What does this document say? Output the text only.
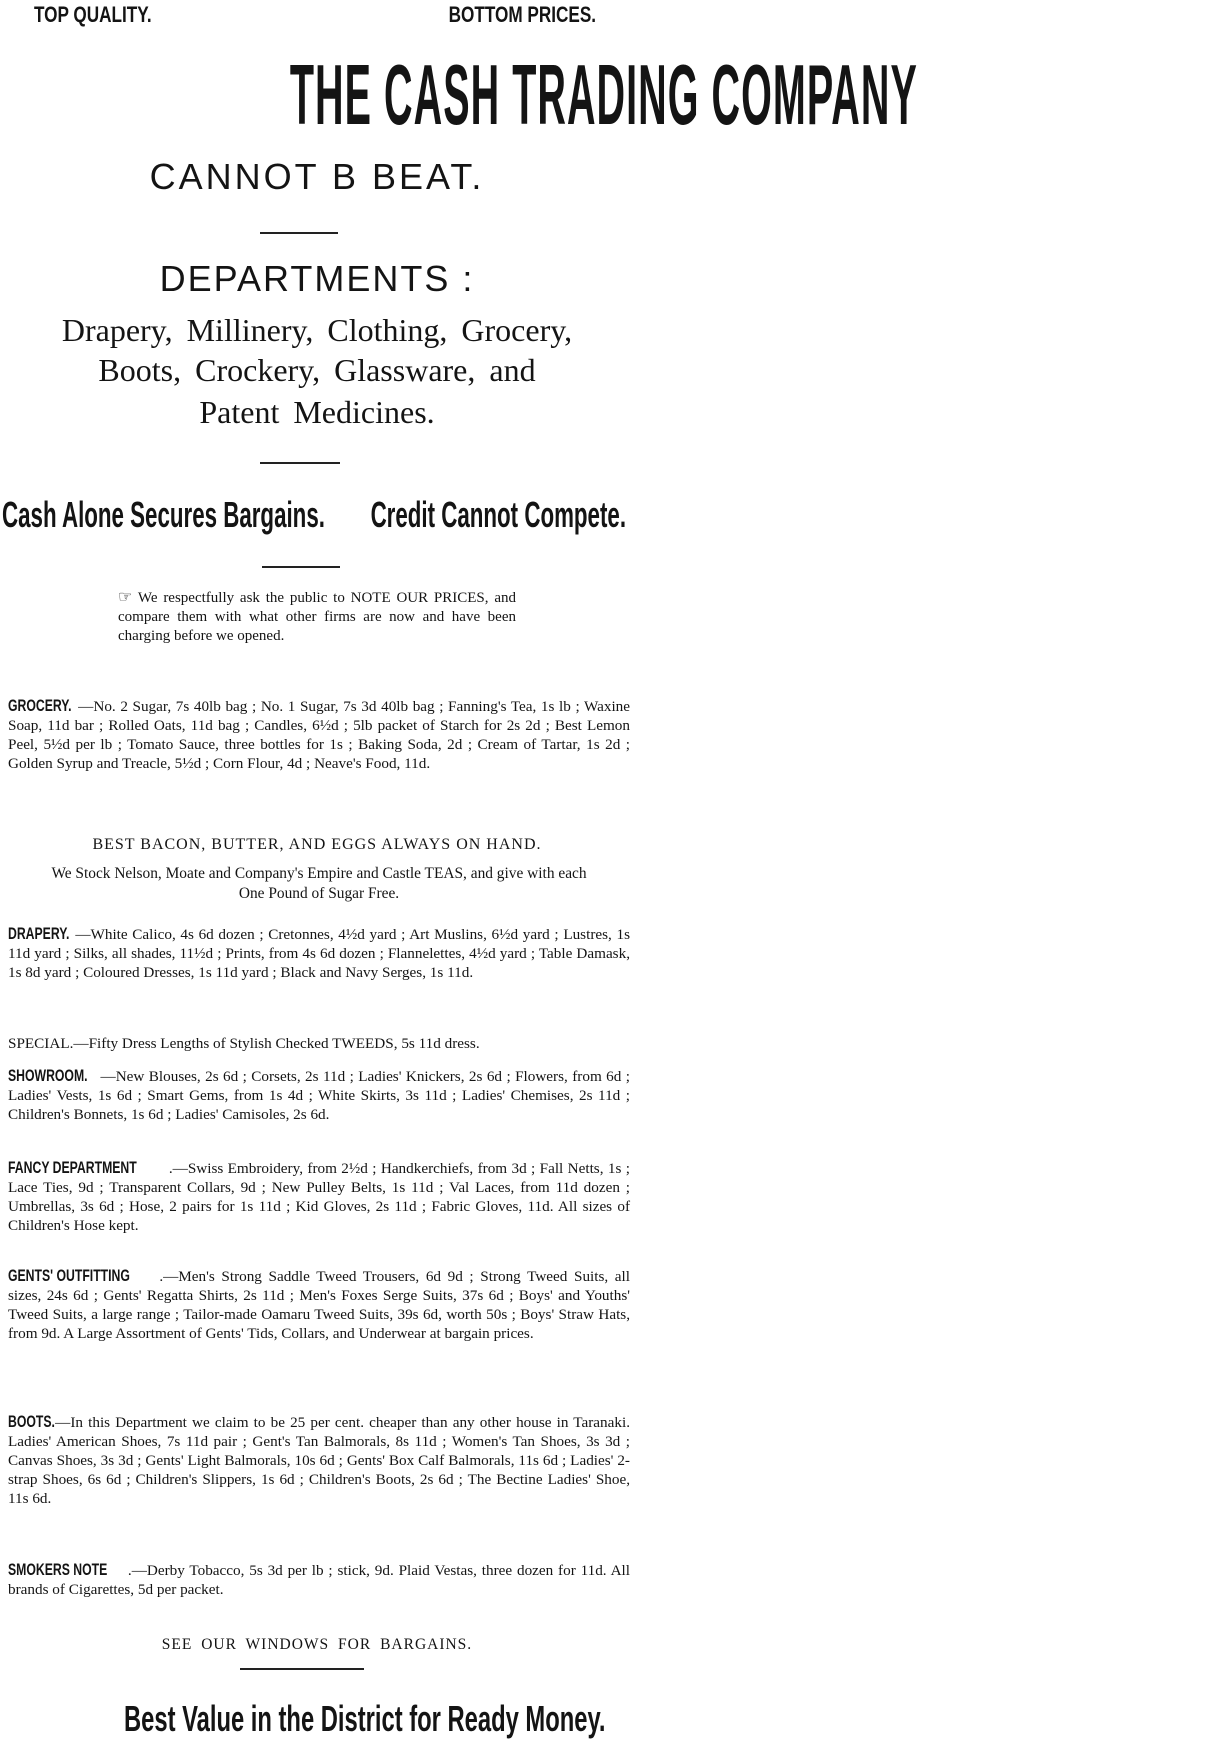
TOP QUALITY.	BOTTOM PRICES.
THE CASH TRADING COMPANY
CANNOT B BEAT.
DEPARTMENTS :
Drapery, Millinery, Clothing, Grocery,
Boots, Crockery, Glassware, and
Patent Medicines.
Cash Alone Secures Bargains. Credit Cannot Compete.
☞ We respectfully ask the public to NOTE OUR PRICES, and compare them with what other firms are now and have been charging before we opened.
GROCERY. —No. 2 Sugar, 7s 40lb bag ; No. 1 Sugar, 7s 3d 40lb bag ; Fanning's Tea, 1s lb ; Waxine Soap, 11d bar ; Rolled Oats, 11d bag ; Candles, 6½d ; 5lb packet of Starch for 2s 2d ; Best Lemon Peel, 5½d per lb ; Tomato Sauce, three bottles for 1s ; Baking Soda, 2d ; Cream of Tartar, 1s 2d ; Golden Syrup and Treacle, 5½d ; Corn Flour, 4d ; Neave's Food, 11d.
BEST BACON, BUTTER, AND EGGS ALWAYS ON HAND.
We Stock Nelson, Moate and Company's Empire and Castle TEAS, and give with each One Pound of Sugar Free.
DRAPERY. —White Calico, 4s 6d dozen ; Cretonnes, 4½d yard ; Art Muslins, 6½d yard ; Lustres, 1s 11d yard ; Silks, all shades, 11½d ; Prints, from 4s 6d dozen ; Flannelettes, 4½d yard ; Table Damask, 1s 8d yard ; Coloured Dresses, 1s 11d yard ; Black and Navy Serges, 1s 11d.
SPECIAL.—Fifty Dress Lengths of Stylish Checked TWEEDS, 5s 11d dress.
SHOWROOM. —New Blouses, 2s 6d ; Corsets, 2s 11d ; Ladies' Knickers, 2s 6d ; Flowers, from 6d ; Ladies' Vests, 1s 6d ; Smart Gems, from 1s 4d ; White Skirts, 3s 11d ; Ladies' Chemises, 2s 11d ; Children's Bonnets, 1s 6d ; Ladies' Camisoles, 2s 6d.
FANCY DEPARTMENT .—Swiss Embroidery, from 2½d ; Handkerchiefs, from 3d ; Fall Netts, 1s ; Lace Ties, 9d ; Transparent Collars, 9d ; New Pulley Belts, 1s 11d ; Val Laces, from 11d dozen ; Umbrellas, 3s 6d ; Hose, 2 pairs for 1s 11d ; Kid Gloves, 2s 11d ; Fabric Gloves, 11d. All sizes of Children's Hose kept.
GENTS' OUTFITTING .—Men's Strong Saddle Tweed Trousers, 6d 9d ; Strong Tweed Suits, all sizes, 24s 6d ; Gents' Regatta Shirts, 2s 11d ; Men's Foxes Serge Suits, 37s 6d ; Boys' and Youths' Tweed Suits, a large range ; Tailor-made Oamaru Tweed Suits, 39s 6d, worth 50s ; Boys' Straw Hats, from 9d. A Large Assortment of Gents' Tids, Collars, and Underwear at bargain prices.
BOOTS.—In this Department we claim to be 25 per cent. cheaper than any other house in Taranaki. Ladies' American Shoes, 7s 11d pair ; Gent's Tan Balmorals, 8s 11d ; Women's Tan Shoes, 3s 3d ; Canvas Shoes, 3s 3d ; Gents' Light Balmorals, 10s 6d ; Gents' Box Calf Balmorals, 11s 6d ; Ladies' 2-strap Shoes, 6s 6d ; Children's Slippers, 1s 6d ; Children's Boots, 2s 6d ; The Bectine Ladies' Shoe, 11s 6d.
SMOKERS NOTE .—Derby Tobacco, 5s 3d per lb ; stick, 9d. Plaid Vestas, three dozen for 11d. All brands of Cigarettes, 5d per packet.
SEE OUR WINDOWS FOR BARGAINS.
Best Value in the District for Ready Money.
